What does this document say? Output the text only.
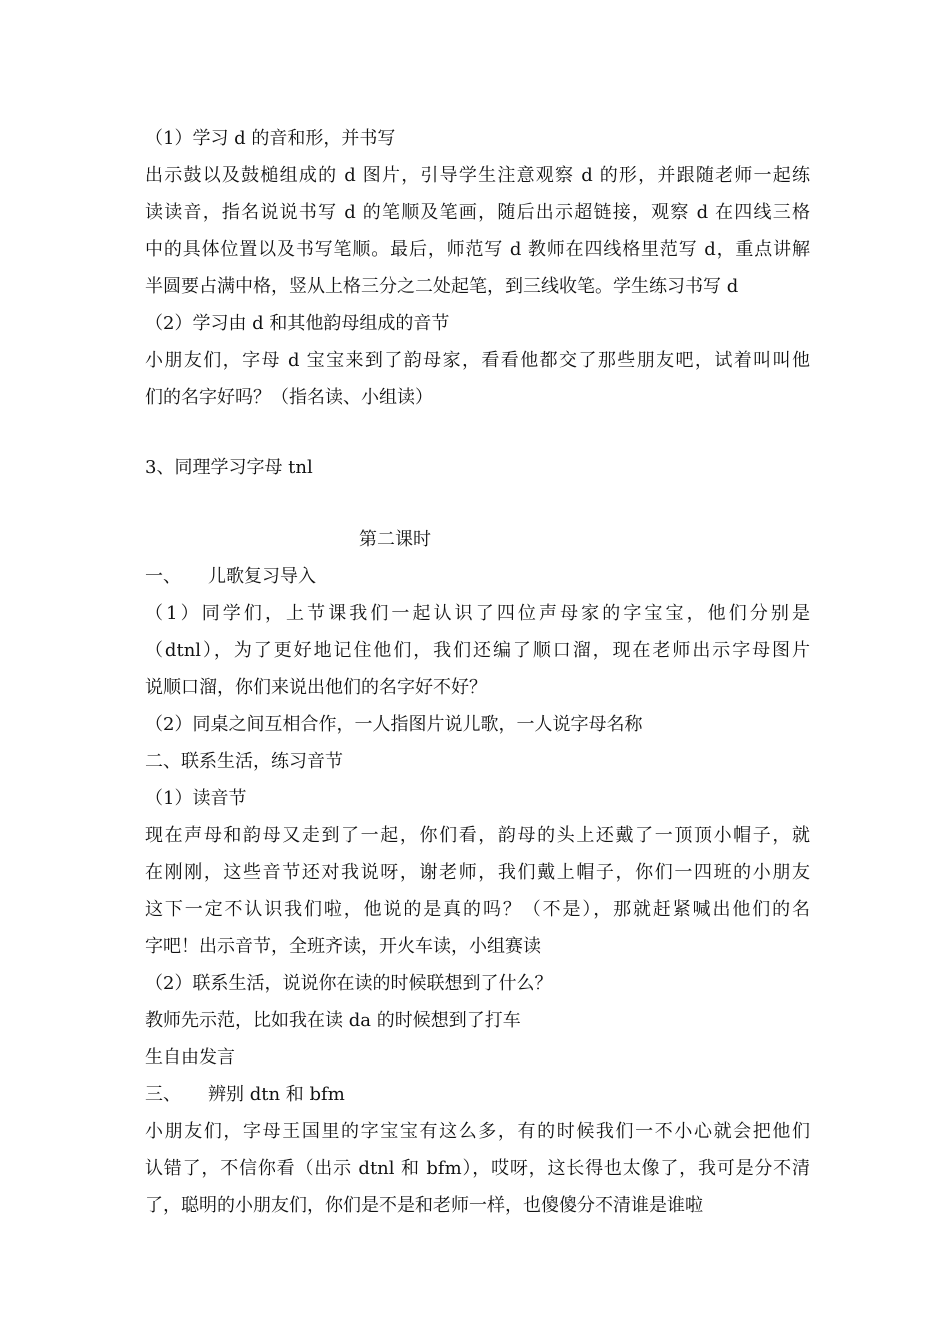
（1）学习 d 的音和形，并书写
出示鼓以及鼓槌组成的 d 图片，引导学生注意观察 d 的形，并跟随老师一起练
读读音，指名说说书写 d 的笔顺及笔画，随后出示超链接，观察 d 在四线三格
中的具体位置以及书写笔顺。最后，师范写 d 教师在四线格里范写 d，重点讲解
半圆要占满中格，竖从上格三分之二处起笔，到三线收笔。学生练习书写 d
（2）学习由 d 和其他韵母组成的音节
小朋友们，字母 d 宝宝来到了韵母家，看看他都交了那些朋友吧，试着叫叫他
们的名字好吗？（指名读、小组读）
3、同理学习字母 tnl
第二课时
一、　　儿歌复习导入
（1）同学们，上节课我们一起认识了四位声母家的字宝宝，他们分别是
（dtnl），为了更好地记住他们，我们还编了顺口溜，现在老师出示字母图片
说顺口溜，你们来说出他们的名字好不好？
（2）同桌之间互相合作，一人指图片说儿歌，一人说字母名称
二、联系生活，练习音节
（1）读音节
现在声母和韵母又走到了一起，你们看，韵母的头上还戴了一顶顶小帽子，就
在刚刚，这些音节还对我说呀，谢老师，我们戴上帽子，你们一四班的小朋友
这下一定不认识我们啦，他说的是真的吗？（不是），那就赶紧喊出他们的名
字吧！出示音节，全班齐读，开火车读，小组赛读
（2）联系生活，说说你在读的时候联想到了什么？
教师先示范，比如我在读 da 的时候想到了打车
生自由发言
三、　　辨别 dtn 和 bfm
小朋友们，字母王国里的字宝宝有这么多，有的时候我们一不小心就会把他们
认错了，不信你看（出示 dtnl 和 bfm），哎呀，这长得也太像了，我可是分不清
了，聪明的小朋友们，你们是不是和老师一样，也傻傻分不清谁是谁啦
